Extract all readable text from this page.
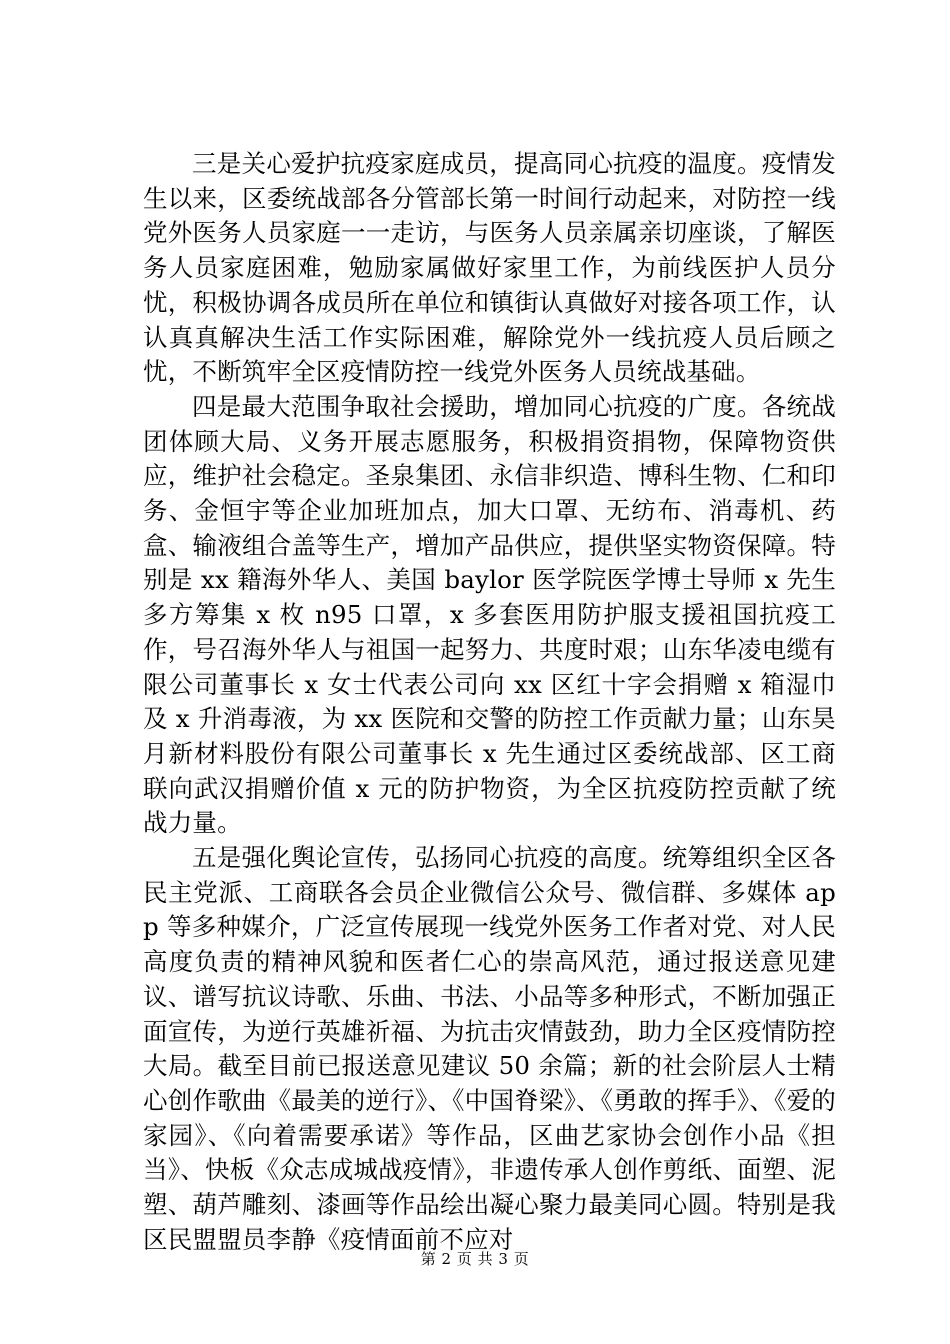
三是关心爱护抗疫家庭成员，提高同心抗疫的温度。疫情发生以来，区委统战部各分管部长第一时间行动起来，对防控一线党外医务人员家庭一一走访，与医务人员亲属亲切座谈，了解医务人员家庭困难，勉励家属做好家里工作，为前线医护人员分忧，积极协调各成员所在单位和镇街认真做好对接各项工作，认认真真解决生活工作实际困难，解除党外一线抗疫人员后顾之忧，不断筑牢全区疫情防控一线党外医务人员统战基础。

四是最大范围争取社会援助，增加同心抗疫的广度。各统战团体顾大局、义务开展志愿服务，积极捐资捐物，保障物资供应，维护社会稳定。圣泉集团、永信非织造、博科生物、仁和印务、金恒宇等企业加班加点，加大口罩、无纺布、消毒机、药盒、输液组合盖等生产，增加产品供应，提供坚实物资保障。特别是 xx 籍海外华人、美国 baylor 医学院医学博士导师 x 先生多方筹集 x 枚 n95 口罩，x 多套医用防护服支援祖国抗疫工作，号召海外华人与祖国一起努力、共度时艰；山东华凌电缆有限公司董事长 x 女士代表公司向 xx 区红十字会捐赠 x 箱湿巾及 x 升消毒液，为 xx 医院和交警的防控工作贡献力量；山东昊月新材料股份有限公司董事长 x 先生通过区委统战部、区工商联向武汉捐赠价值 x 元的防护物资，为全区抗疫防控贡献了统战力量。

五是强化舆论宣传，弘扬同心抗疫的高度。统筹组织全区各民主党派、工商联各会员企业微信公众号、微信群、多媒体 app 等多种媒介，广泛宣传展现一线党外医务工作者对党、对人民高度负责的精神风貌和医者仁心的崇高风范，通过报送意见建议、谱写抗议诗歌、乐曲、书法、小品等多种形式，不断加强正面宣传，为逆行英雄祈福、为抗击灾情鼓劲，助力全区疫情防控大局。截至目前已报送意见建议 50 余篇；新的社会阶层人士精心创作歌曲《最美的逆行》、《中国脊梁》、《勇敢的挥手》、《爱的家园》、《向着需要承诺》等作品，区曲艺家协会创作小品《担当》、快板《众志成城战疫情》，非遗传承人创作剪纸、面塑、泥塑、葫芦雕刻、漆画等作品绘出凝心聚力最美同心圆。特别是我区民盟盟员李静《疫情面前不应对

第 2 页 共 3 页
